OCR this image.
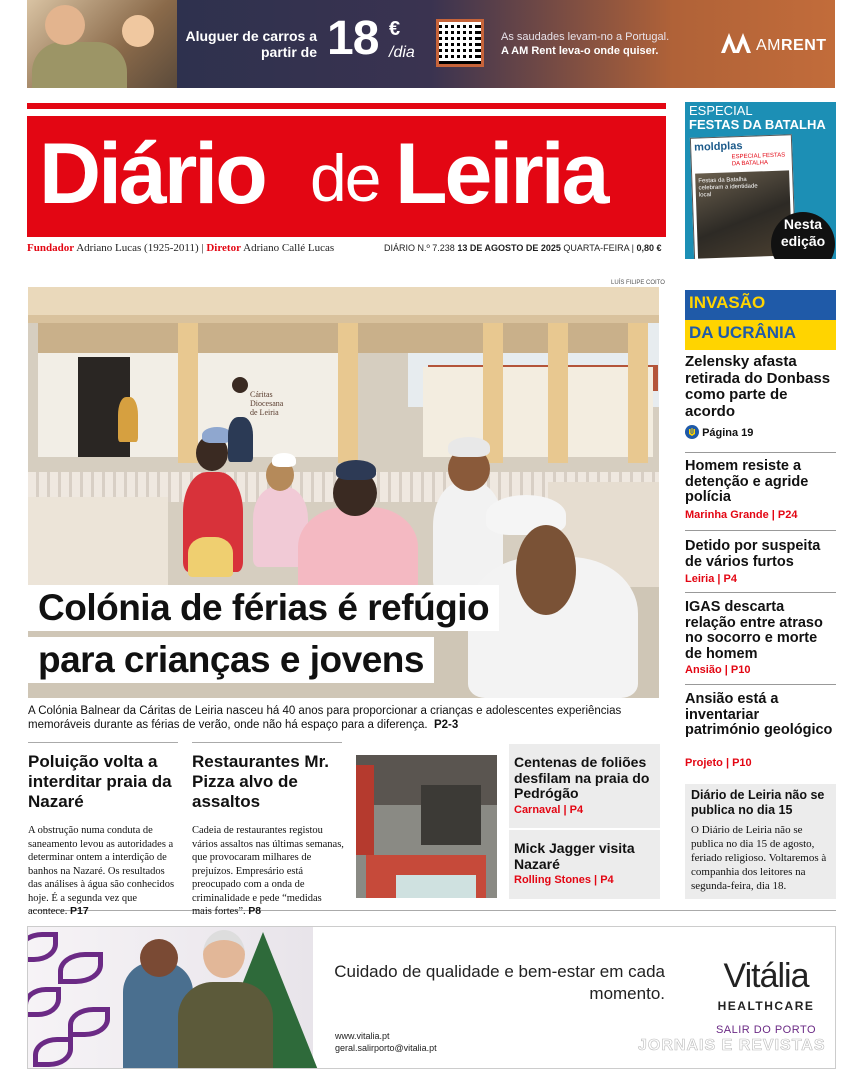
Aluguer de carros a partir de 18 €
/dia
As saudades levam-no a Portugal.
A AM Rent leva-o onde quiser.	AMRENT
Diário de Leiria
Fundador Adriano Lucas (1925-2011) | Diretor Adriano Callé Lucas	DIÁRIO N.º 7.238 13 DE AGOSTO DE 2025 QUARTA-FEIRA | 0,80 €
ESPECIAL
FESTAS DA BATALHA
moldplas
ESPECIAL FESTAS DA BATALHA
Festas da Batalha celebram a identidade local
Nesta edição
LUÍS FILIPE COITO
Cáritas Diocesana de Leiria
Colónia de férias é refúgio
para crianças e jovens
A Colónia Balnear da Cáritas de Leiria nasceu há 40 anos para proporcionar a crianças e adolescentes experiências memoráveis durante as férias de verão, onde não há espaço para a diferença. P2-3
Poluição volta a interditar praia da Nazaré
A obstrução numa conduta de saneamento levou as autoridades a determinar ontem a interdição de banhos na Nazaré. Os resultados das análises à água são conhecidos hoje. É a segunda vez que acontece. P17
Restaurantes Mr. Pizza alvo de assaltos
Cadeia de restaurantes registou vários assaltos nas últimas semanas, que provocaram milhares de prejuízos. Empresário está preocupado com a onda de criminalidade e pede “medidas mais fortes”. P8
Centenas de foliões desfilam na praia do Pedrógão
Carnaval | P4
Mick Jagger visita Nazaré
Rolling Stones | P4
INVASÃO
DA UCRÂNIA
Zelensky afasta retirada do Donbass como parte de acordo
Página 19
Homem resiste a detenção e agride polícia
Marinha Grande | P24
Detido por suspeita de vários furtos
Leiria | P4
IGAS descarta relação entre atraso no socorro e morte de homem
Ansião | P10
Ansião está a inventariar património geológico
Projeto | P10
Diário de Leiria não se publica no dia 15
O Diário de Leiria não se publica no dia 15 de agosto, feriado religioso. Voltaremos à companhia dos leitores na segunda-feira, dia 18.
Cuidado de qualidade e bem-estar em cada momento.
www.vitalia.pt
geral.salirporto@vitalia.pt
Vitália
HEALTHCARE
SALIR DO PORTO
JORNAIS E REVISTAS
